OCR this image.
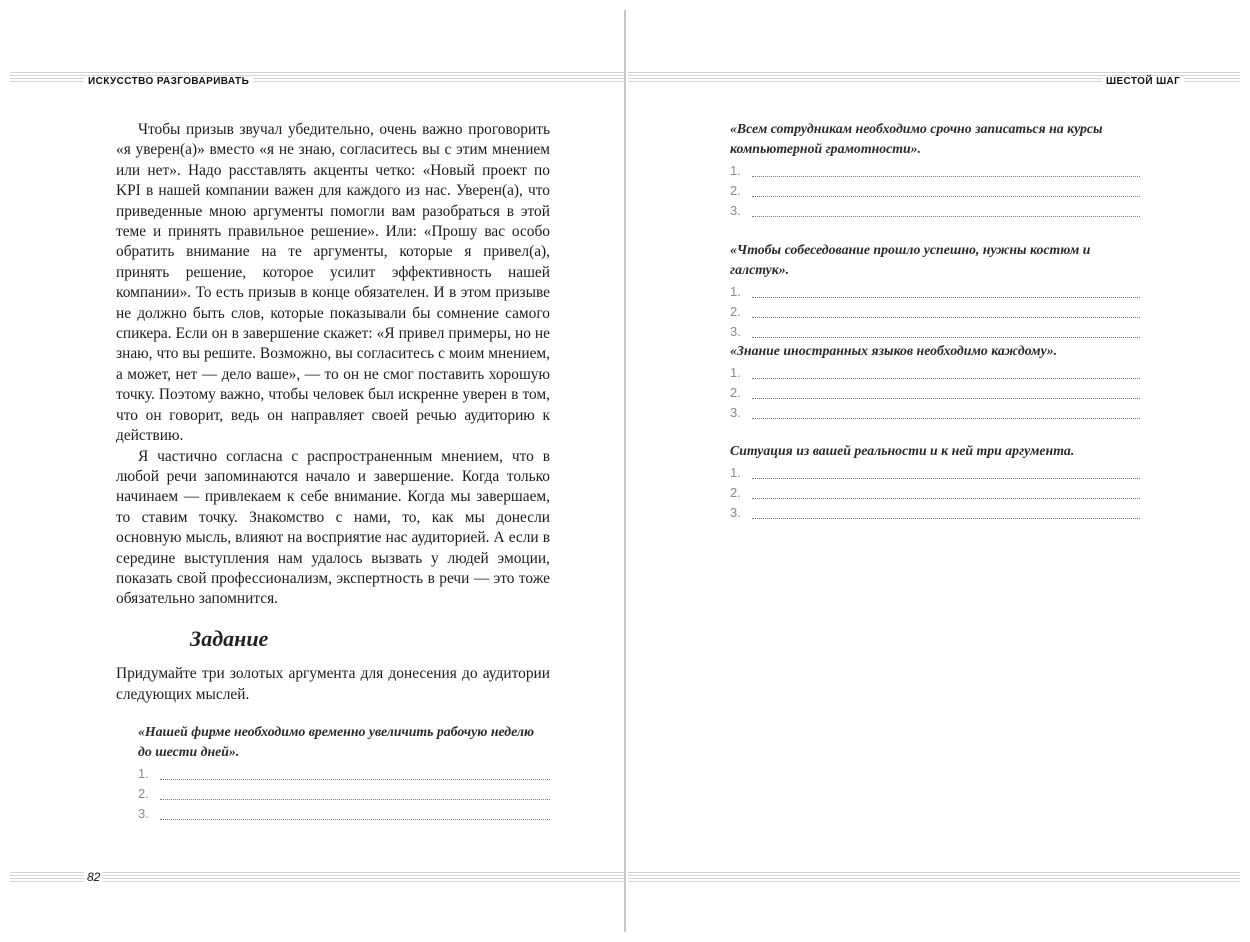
ИСКУССТВО РАЗГОВАРИВАТЬ

Чтобы призыв звучал убедительно, очень важно проговорить «я уверен(а)» вместо «я не знаю, согласитесь вы с этим мнением или нет». Надо расставлять акценты четко: «Новый проект по KPI в нашей компании важен для каждого из нас. Уверен(а), что приведенные мною аргументы помогли вам разобраться в этой теме и принять правильное решение». Или: «Прошу вас особо обратить внимание на те аргументы, которые я привел(а), принять решение, которое усилит эффективность нашей компании». То есть призыв в конце обязателен. И в этом призыве не должно быть слов, которые показывали бы сомнение самого спикера. Если он в завершение скажет: «Я привел примеры, но не знаю, что вы решите. Возможно, вы согласитесь с моим мнением, а может, нет — дело ваше», — то он не смог поставить хорошую точку. Поэтому важно, чтобы человек был искренне уверен в том, что он говорит, ведь он направляет своей речью аудиторию к действию.

Я частично согласна с распространенным мнением, что в любой речи запоминаются начало и завершение. Когда только начинаем — привлекаем к себе внимание. Когда мы завершаем, то ставим точку. Знакомство с нами, то, как мы донесли основную мысль, влияют на восприятие нас аудиторией. А если в середине выступления нам удалось вызвать у людей эмоции, показать свой профессионализм, экспертность в речи — это тоже обязательно запомнится.

Задание
Придумайте три золотых аргумента для донесения до аудитории следующих мыслей.

«Нашей фирме необходимо временно увеличить рабочую неделю до шести дней».

1.
2.
3.
82
ШЕСТОЙ ШАГ

«Всем сотрудникам необходимо срочно записаться на курсы компьютерной грамотности».

1.
2.
3.

«Чтобы собеседование прошло успешно, нужны костюм и галстук».

1.
2.
3.

«Знание иностранных языков необходимо каждому».

1.
2.
3.

Ситуация из вашей реальности и к ней три аргумента.

1.
2.
3.
